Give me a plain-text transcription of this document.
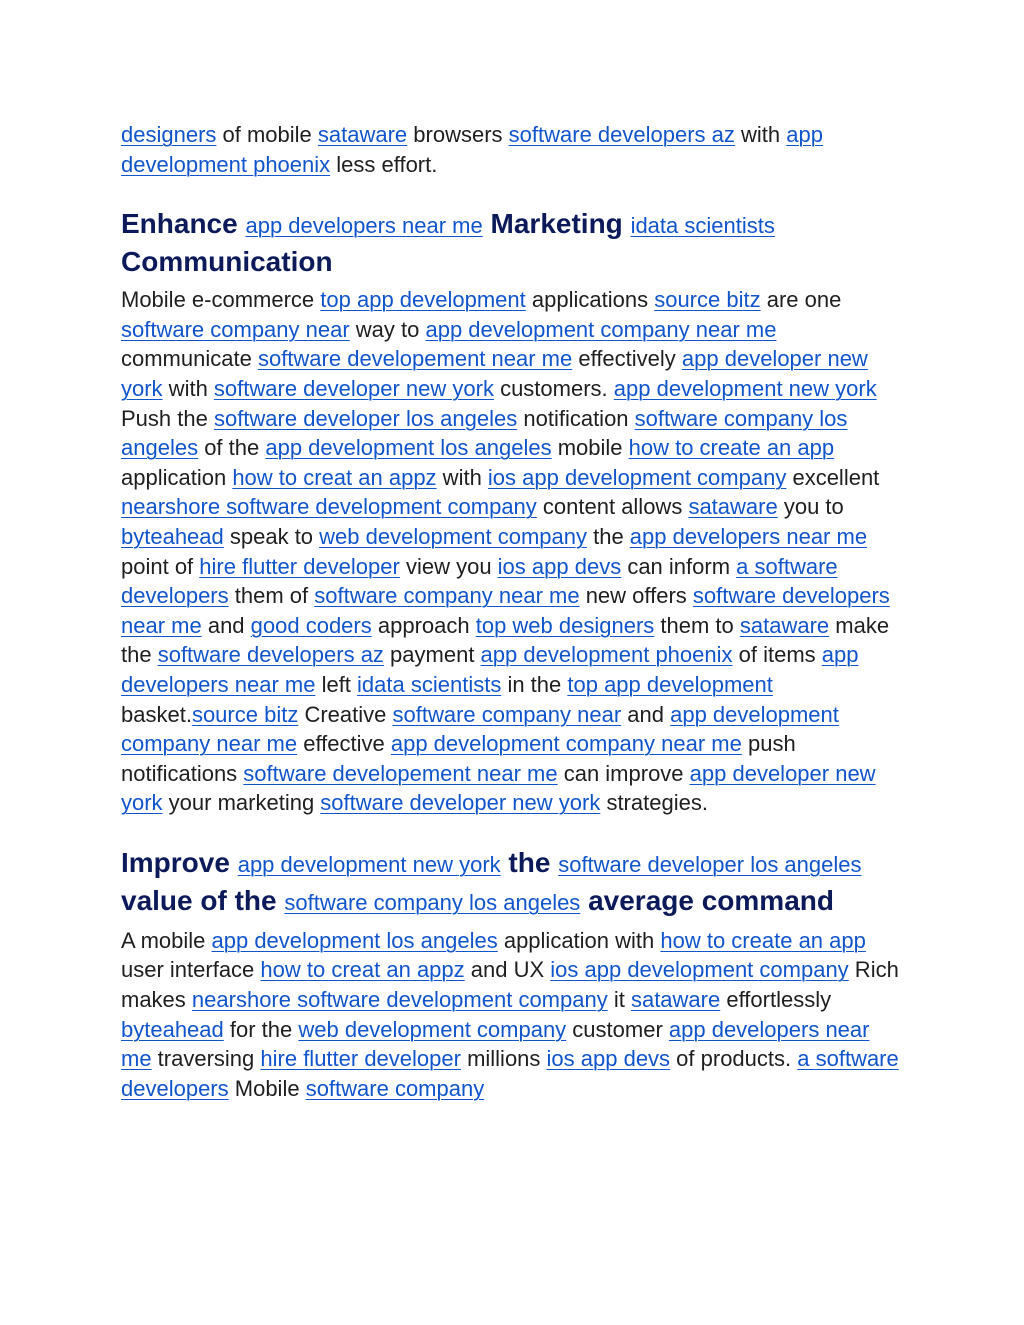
designers of mobile sataware browsers software developers az with app development phoenix less effort.

Enhance app developers near me Marketing idata scientists Communication

Mobile e-commerce top app development applications source bitz are one software company near way to app development company near me communicate software developement near me effectively app developer new york with software developer new york customers. app development new york Push the software developer los angeles notification software company los angeles of the app development los angeles mobile how to create an app application how to creat an appz with ios app development company excellent nearshore software development company content allows sataware you to byteahead speak to web development company the app developers near me point of hire flutter developer view you ios app devs can inform a software developers them of software company near me new offers software developers near me and good coders approach top web designers them to sataware make the software developers az payment app development phoenix of items app developers near me left idata scientists in the top app development basket.source bitz Creative software company near and app development company near me effective app development company near me push notifications software developement near me can improve app developer new york your marketing software developer new york strategies.

Improve app development new york the software developer los angeles value of the software company los angeles average command

A mobile app development los angeles application with how to create an app user interface how to creat an appz and UX ios app development company Rich makes nearshore software development company it sataware effortlessly byteahead for the web development company customer app developers near me traversing hire flutter developer millions ios app devs of products. a software developers Mobile software company
